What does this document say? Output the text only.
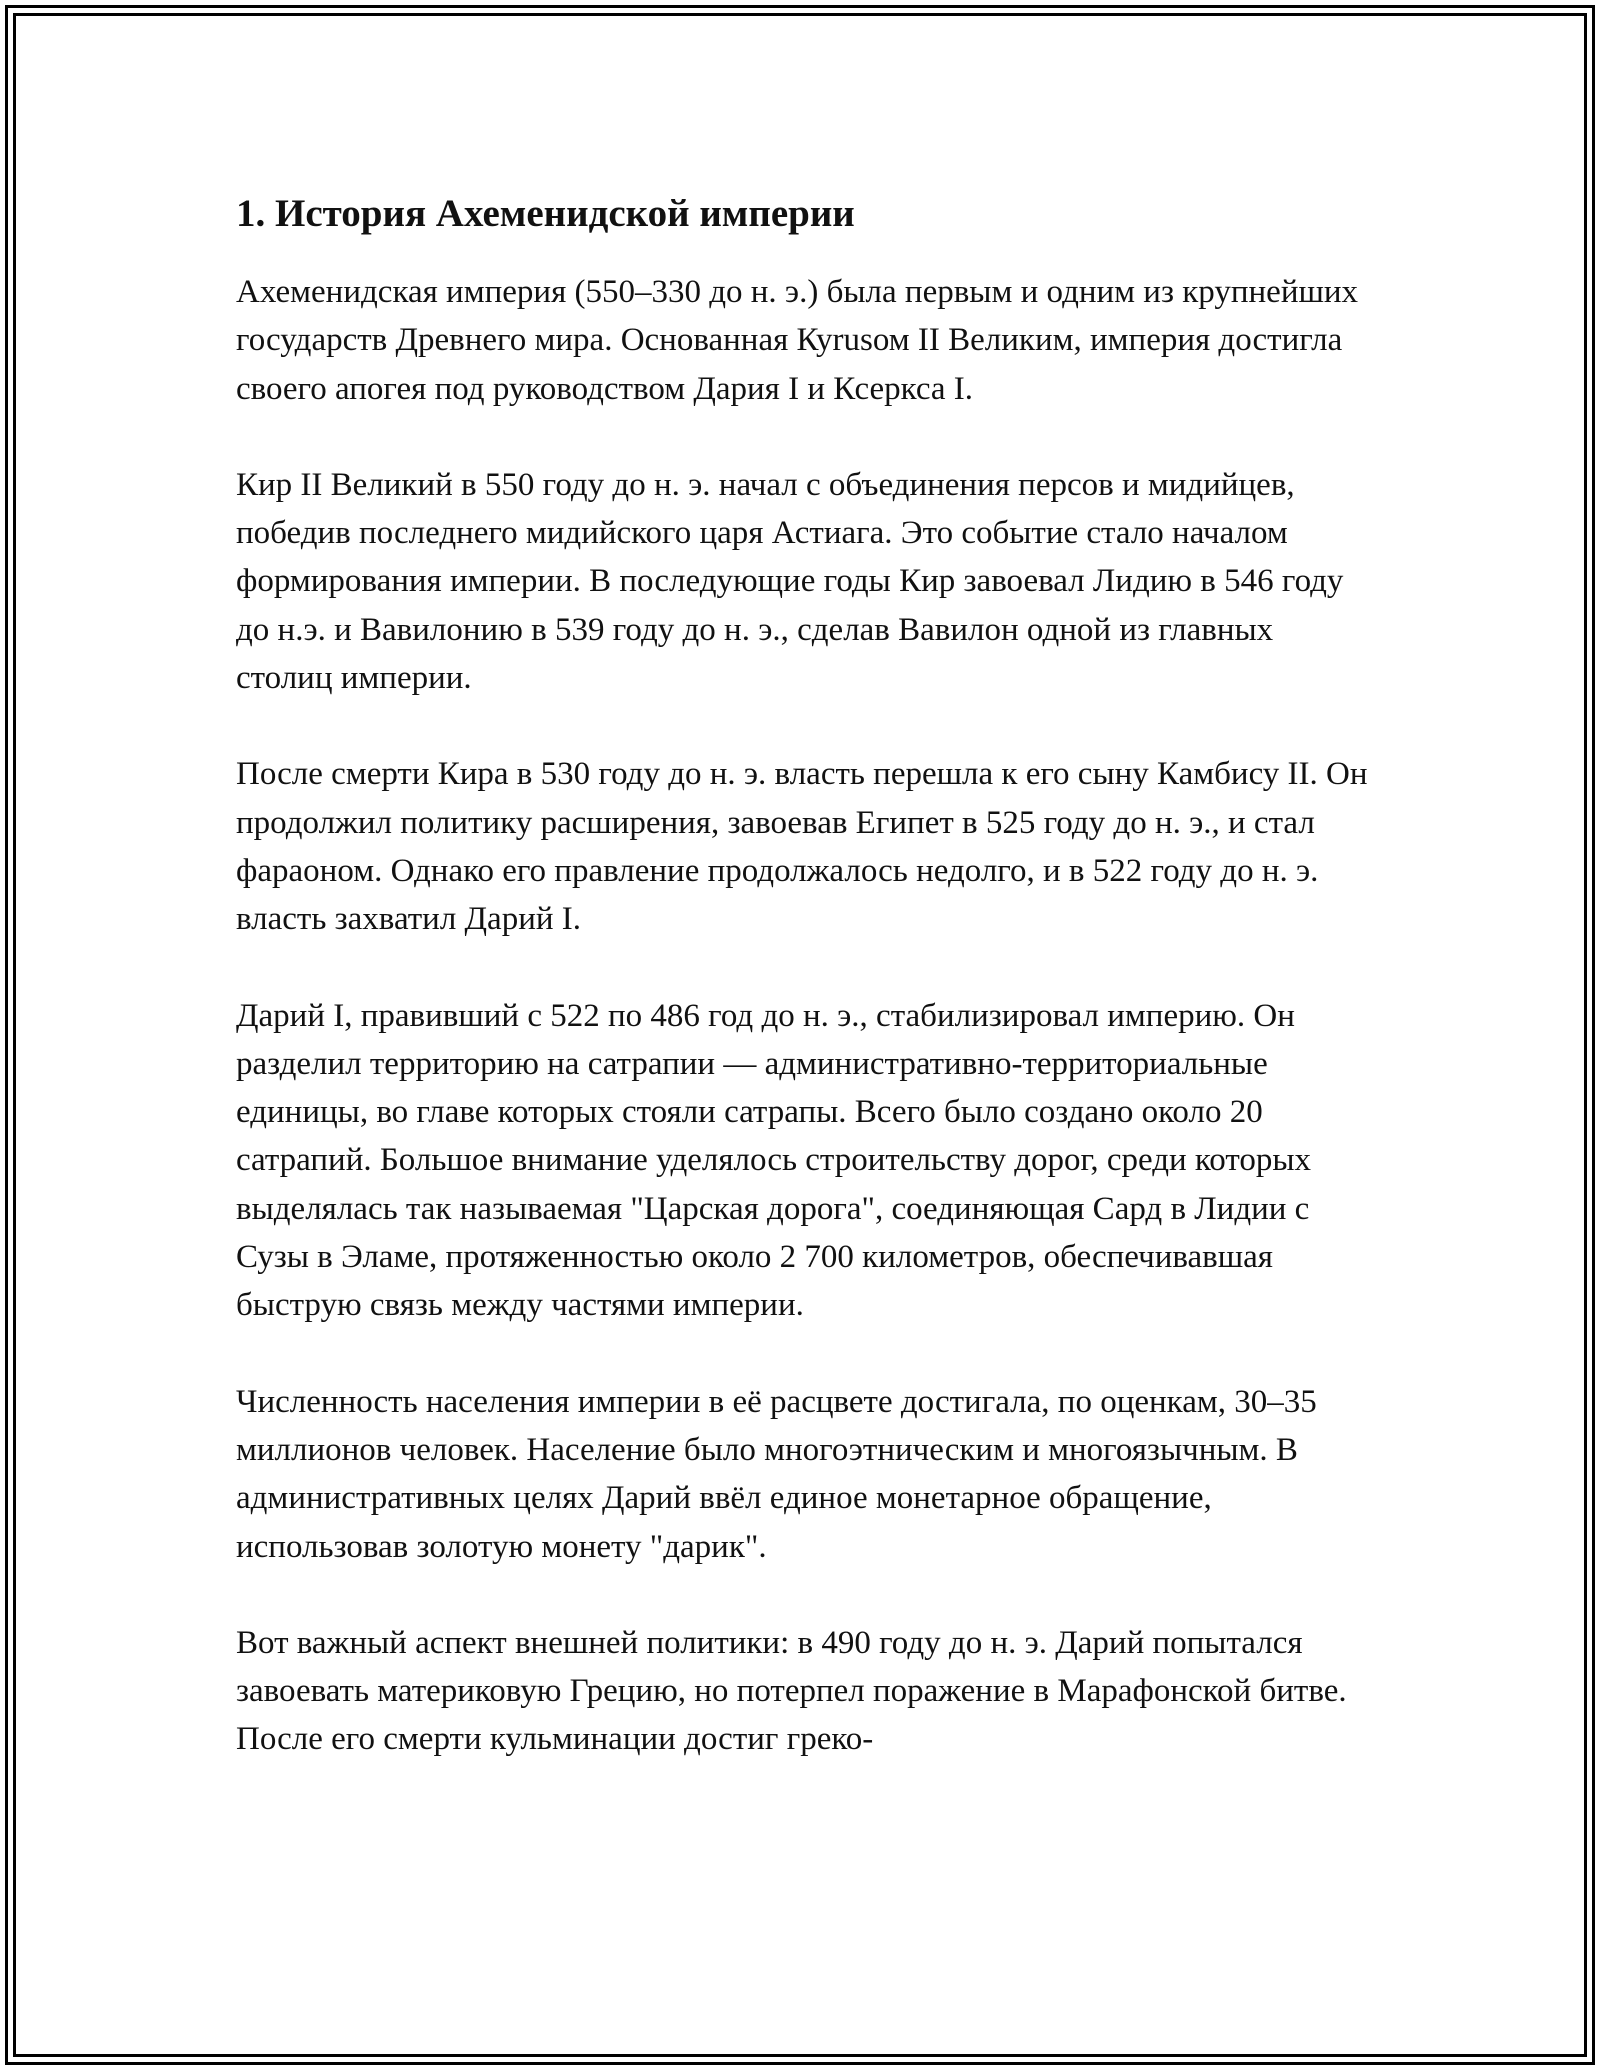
1. История Ахеменидской империи

Ахеменидская империя (550–330 до н. э.) была первым и одним из крупнейших государств Древнего мира. Основанная Куrusом II Великим, империя достигла своего апогея под руководством Дария I и Ксеркса I.

Кир II Великий в 550 году до н. э. начал с объединения персов и мидийцев, победив последнего мидийского царя Астиага. Это событие стало началом формирования империи. В последующие годы Кир завоевал Лидию в 546 году до н.э. и Вавилонию в 539 году до н. э., сделав Вавилон одной из главных столиц империи.

После смерти Кира в 530 году до н. э. власть перешла к его сыну Камбису II. Он продолжил политику расширения, завоевав Египет в 525 году до н. э., и стал фараоном. Однако его правление продолжалось недолго, и в 522 году до н. э. власть захватил Дарий I.

Дарий I, правивший с 522 по 486 год до н. э., стабилизировал империю. Он разделил территорию на сатрапии — административно-территориальные единицы, во главе которых стояли сатрапы. Всего было создано около 20 сатрапий. Большое внимание уделялось строительству дорог, среди которых выделялась так называемая "Царская дорога", соединяющая Сард в Лидии с Сузы в Эламе, протяженностью около 2 700 километров, обеспечивавшая быструю связь между частями империи.

Численность населения империи в её расцвете достигала, по оценкам, 30–35 миллионов человек. Население было многоэтническим и многоязычным. В административных целях Дарий ввёл единое монетарное обращение, использовав золотую монету "дарик".

Вот важный аспект внешней политики: в 490 году до н. э. Дарий попытался завоевать материковую Грецию, но потерпел поражение в Марафонской битве. После его смерти кульминации достиг греко-
